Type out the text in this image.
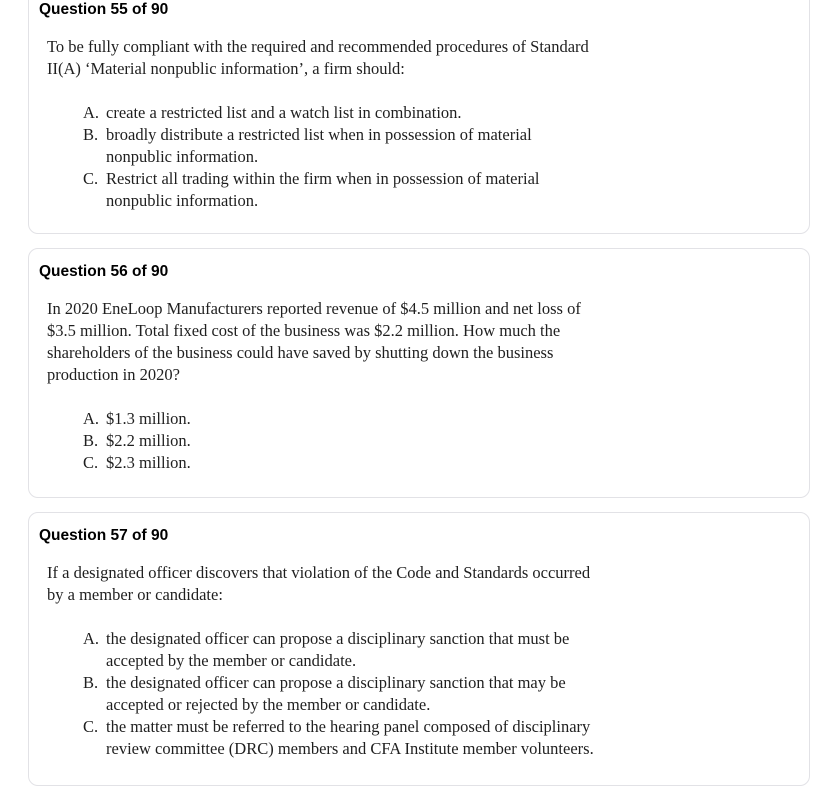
Question 55 of 90

To be fully compliant with the required and recommended procedures of Standard
II(A) ‘Material nonpublic information’, a firm should:

A. create a restricted list and a watch list in combination.
B. broadly distribute a restricted list when in possession of material
nonpublic information.
C. Restrict all trading within the firm when in possession of material
nonpublic information.
Question 56 of 90

In 2020 EneLoop Manufacturers reported revenue of $4.5 million and net loss of
$3.5 million. Total fixed cost of the business was $2.2 million. How much the
shareholders of the business could have saved by shutting down the business
production in 2020?

A. $1.3 million.
B. $2.2 million.
C. $2.3 million.
Question 57 of 90

If a designated officer discovers that violation of the Code and Standards occurred
by a member or candidate:

A. the designated officer can propose a disciplinary sanction that must be
accepted by the member or candidate.
B. the designated officer can propose a disciplinary sanction that may be
accepted or rejected by the member or candidate.
C. the matter must be referred to the hearing panel composed of disciplinary
review committee (DRC) members and CFA Institute member volunteers.
